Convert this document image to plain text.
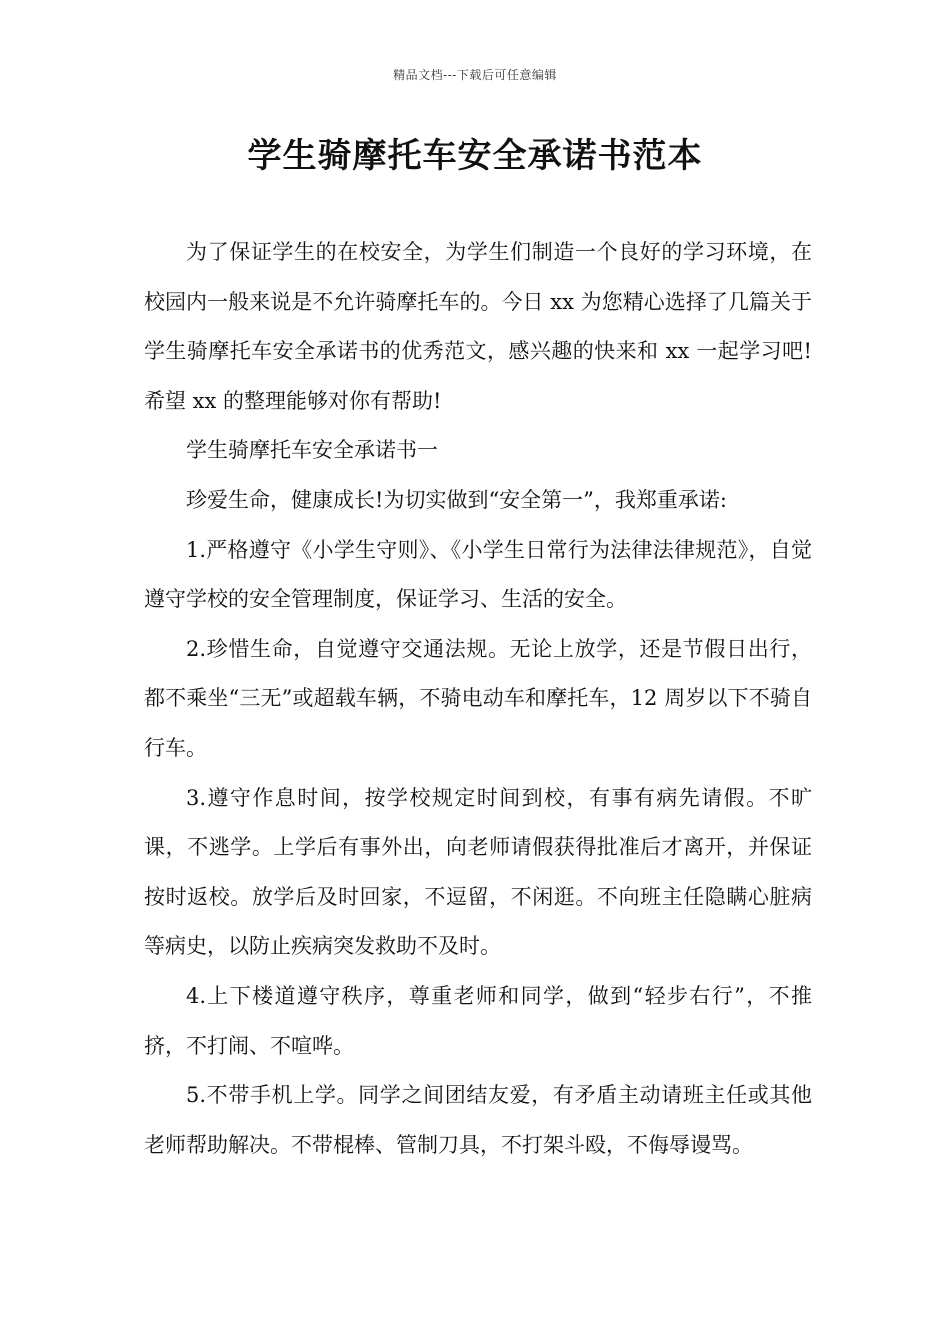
精品文档---下载后可任意编辑
学生骑摩托车安全承诺书范本

为了保证学生的在校安全，为学生们制造一个良好的学习环境，在校园内一般来说是不允许骑摩托车的。今日 xx 为您精心选择了几篇关于学生骑摩托车安全承诺书的优秀范文，感兴趣的快来和 xx 一起学习吧!希望 xx 的整理能够对你有帮助!

学生骑摩托车安全承诺书一

珍爱生命，健康成长!为切实做到“安全第一”，我郑重承诺:

1.严格遵守《小学生守则》、《小学生日常行为法律法律规范》，自觉遵守学校的安全管理制度，保证学习、生活的安全。

2.珍惜生命，自觉遵守交通法规。无论上放学，还是节假日出行，都不乘坐“三无”或超载车辆，不骑电动车和摩托车，12 周岁以下不骑自行车。

3.遵守作息时间，按学校规定时间到校，有事有病先请假。不旷课，不逃学。上学后有事外出，向老师请假获得批准后才离开，并保证按时返校。放学后及时回家，不逗留，不闲逛。不向班主任隐瞒心脏病等病史，以防止疾病突发救助不及时。

4.上下楼道遵守秩序，尊重老师和同学，做到“轻步右行”，不推挤，不打闹、不喧哗。

5.不带手机上学。同学之间团结友爱，有矛盾主动请班主任或其他老师帮助解决。不带棍棒、管制刀具，不打架斗殴，不侮辱谩骂。
